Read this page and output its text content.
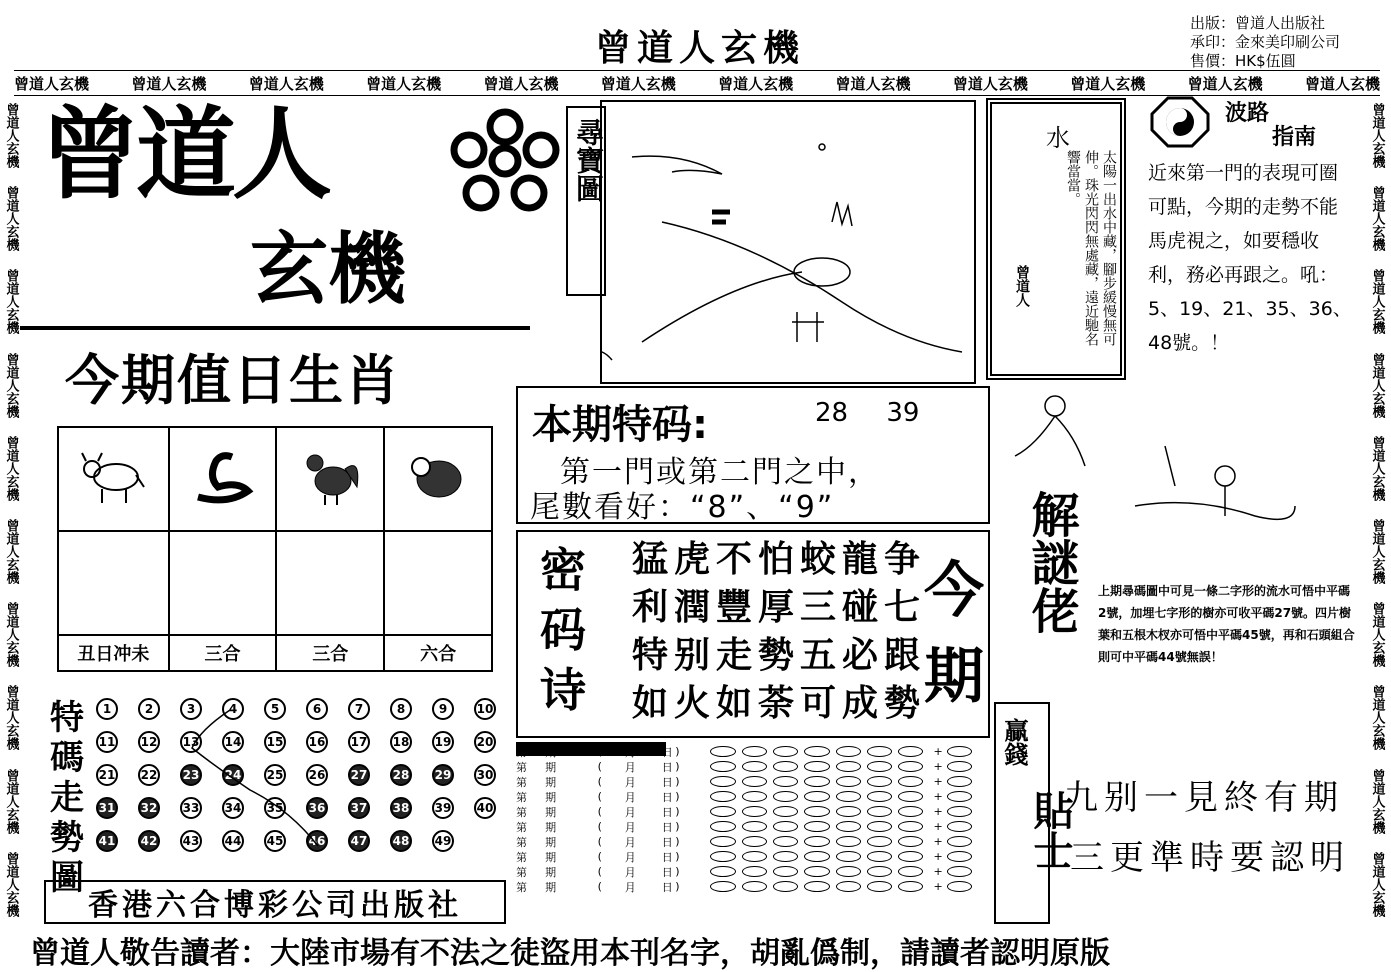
曾道人玄機
出版：曾道人出版社
承印：金來美印刷公司
售價：HK$伍圓
曾道人玄機	曾道人玄機	曾道人玄機	曾道人玄機	曾道人玄機	曾道人玄機	曾道人玄機	曾道人玄機	曾道人玄機	曾道人玄機	曾道人玄機	曾道人玄機
曾道人玄機
曾道人玄機
曾道人玄機
曾道人玄機
曾道人玄機
曾道人玄機
曾道人玄機
曾道人玄機
曾道人玄機
曾道人玄機
曾道人玄機
曾道人玄機
曾道人玄機
曾道人玄機
曾道人玄機
曾道人玄機
曾道人玄機
曾道人玄機
曾道人玄機
曾道人玄機
曾道人
玄機
尋寶圖
今期值日生肖

丑日冲未	三合	三合	六合
特碼走勢圖
1	2	3	4	5	6	7	8	9	10
11 12 13 14 15 16 17 18 19 20
21 22 23 24 25 26 27 28 29 30
31 32 33 34 35 36 37 38 39 40
41 42 43 44 45 46 47 48 49
香港六合博彩公司出版社
本期特码:	28 39
第一門或第二門之中，
尾數看好：“8”、“9”
密码诗
猛虎不怕蛟龍争
利潤豐厚三碰七
特别走勢五必跟
如火如荼可成勢
今期
第	期	(	月	日 )	+
第	期	(	月	日 )	+
第	期	(	月	日 )	+
第	期	(	月	日 )	+
第	期	(	月	日 )	+
第	期	(	月	日 )	+
第	期	(	月	日 )	+
第	期	(	月	日 )	+
第	期	(	月	日 )	+
第	期	(	月	日 )	+
水
太陽一出水中藏，腳步緩慢無可伸。珠光閃閃無處藏，遠近馳名響當當。
曾道人
波路
指南
近來第一門的表現可圈可點，今期的走勢不能馬虎視之，如要穩收利，務必再跟之。吼：5、19、21、35、36、48號。！
解謎佬	上期尋碼圖中可見一條二字形的流水可悟中平碼2號，加埋七字形的樹亦可收平碼27號。四片樹葉和五根木杈亦可悟中平碼45號，再和石頭組合則可中平碼44號無誤！
贏錢
貼士
九别一見終有期
三更準時要認明
曾道人敬告讀者：大陸市場有不法之徒盜用本刊名字，胡亂僞制，請讀者認明原版
